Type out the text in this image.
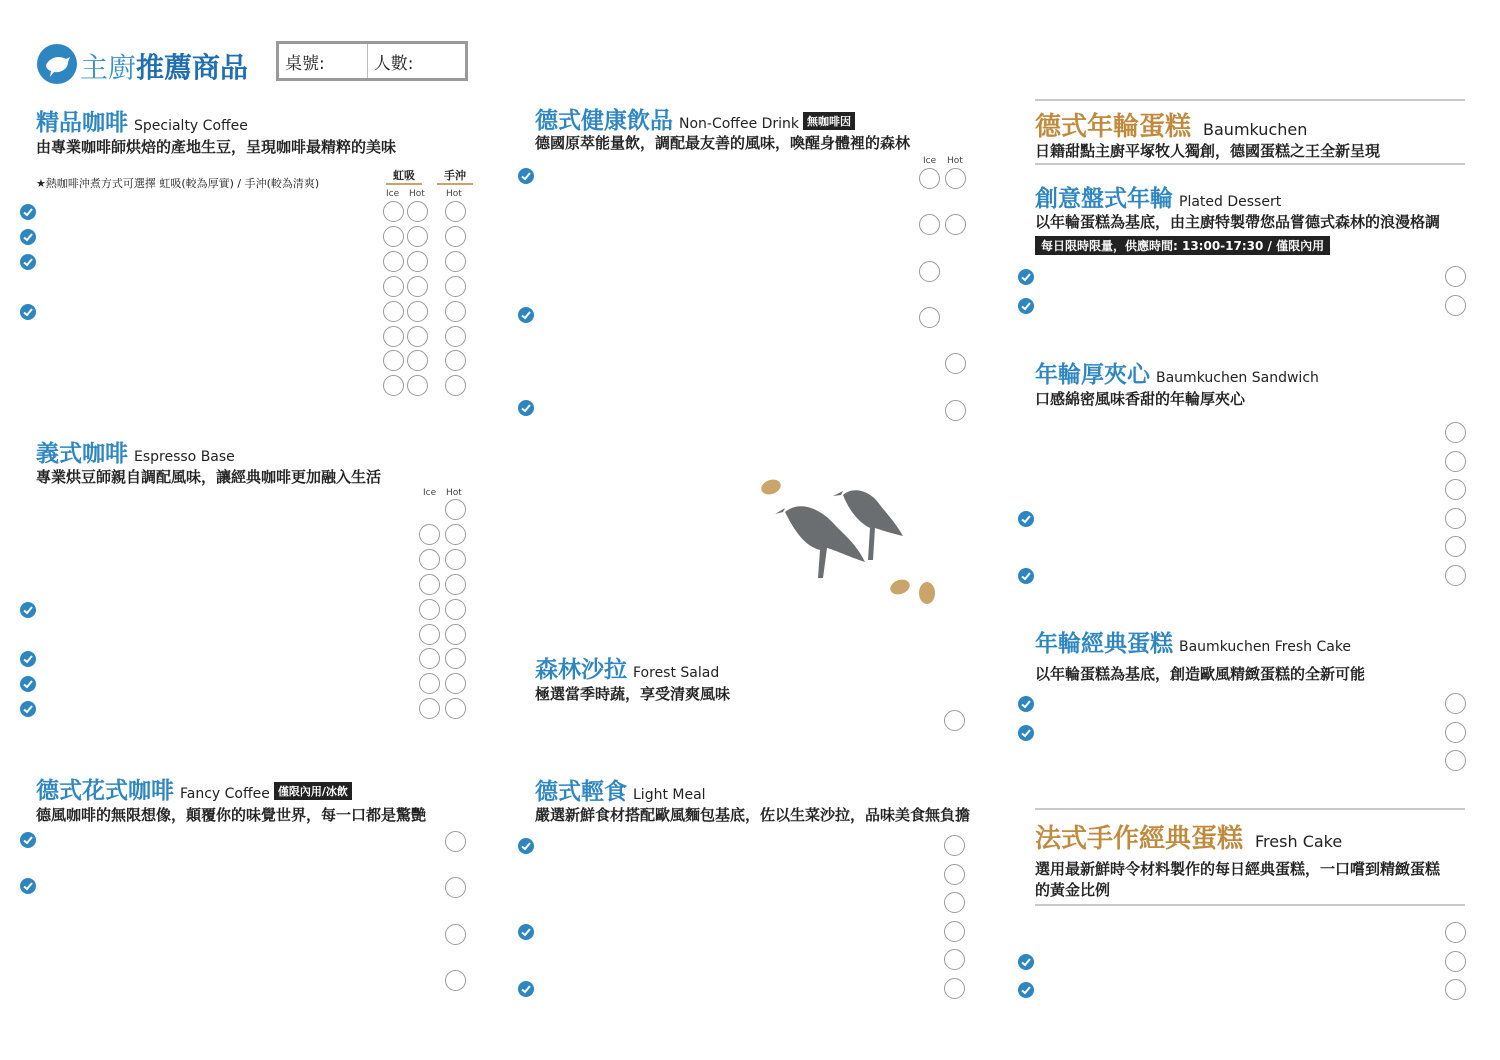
主廚推薦商品	桌號:	人數:
精品咖啡 Specialty Coffee
由專業咖啡師烘焙的產地生豆，呈現咖啡最精粹的美味
★熱咖啡沖煮方式可選擇 虹吸(較為厚實) / 手沖(較為清爽)
虹吸	手沖
Ice Hot Hot
義式咖啡 Espresso Base
專業烘豆師親自調配風味，讓經典咖啡更加融入生活
Ice Hot
德式花式咖啡 Fancy Coffee 僅限內用/冰飲
德風咖啡的無限想像，顛覆你的味覺世界，每一口都是驚艷
德式健康飲品 Non-Coffee Drink 無咖啡因
德國原萃能量飲，調配最友善的風味，喚醒身體裡的森林
Ice Hot
森林沙拉 Forest Salad
極選當季時蔬，享受清爽風味
德式輕食 Light Meal
嚴選新鮮食材搭配歐風麵包基底，佐以生菜沙拉，品味美食無負擔
德式年輪蛋糕 Baumkuchen
日籍甜點主廚平塚牧人獨創，德國蛋糕之王全新呈現
創意盤式年輪 Plated Dessert
以年輪蛋糕為基底，由主廚特製帶您品嘗德式森林的浪漫格調
每日限時限量，供應時間: 13:00-17:30 / 僅限內用
年輪厚夾心 Baumkuchen Sandwich
口感綿密風味香甜的年輪厚夾心
年輪經典蛋糕 Baumkuchen Fresh Cake
以年輪蛋糕為基底，創造歐風精緻蛋糕的全新可能
法式手作經典蛋糕 Fresh Cake
選用最新鮮時令材料製作的每日經典蛋糕，一口嚐到精緻蛋糕
的黃金比例
